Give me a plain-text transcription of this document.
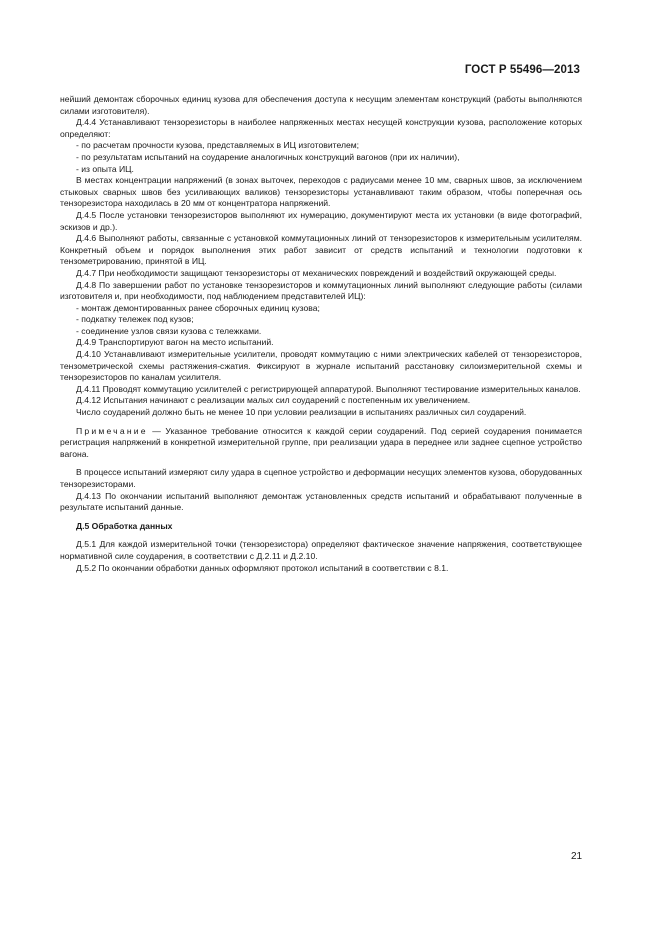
ГОСТ Р 55496—2013

нейший демонтаж сборочных единиц кузова для обеспечения доступа к несущим элементам конструкций (работы выполняются силами изготовителя).

Д.4.4 Устанавливают тензорезисторы в наиболее напряженных местах несущей конструкции кузова, расположение которых определяют:

- по расчетам прочности кузова, представляемых в ИЦ изготовителем;

- по результатам испытаний на соударение аналогичных конструкций вагонов (при их наличии),

- из опыта ИЦ.

В местах концентрации напряжений (в зонах выточек, переходов с радиусами менее 10 мм, сварных швов, за исключением стыковых сварных швов без усиливающих валиков) тензорезисторы устанавливают таким образом, чтобы поперечная ось тензорезистора находилась в 20 мм от концентратора напряжений.

Д.4.5 После установки тензорезисторов выполняют их нумерацию, документируют места их установки (в виде фотографий, эскизов и др.).

Д.4.6 Выполняют работы, связанные с установкой коммутационных линий от тензорезисторов к измерительным усилителям. Конкретный объем и порядок выполнения этих работ зависит от средств испытаний и технологии подготовки к тензометрированию, принятой в ИЦ.

Д.4.7 При необходимости защищают тензорезисторы от механических повреждений и воздействий окружающей среды.

Д.4.8 По завершении работ по установке тензорезисторов и коммутационных линий выполняют следующие работы (силами изготовителя и, при необходимости, под наблюдением представителей ИЦ):

- монтаж демонтированных ранее сборочных единиц кузова;

- подкатку тележек под кузов;

- соединение узлов связи кузова с тележками.

Д.4.9 Транспортируют вагон на место испытаний.

Д.4.10 Устанавливают измерительные усилители, проводят коммутацию с ними электрических кабелей от тензорезисторов, тензометрической схемы растяжения-сжатия. Фиксируют в журнале испытаний расстановку силоизмерительной схемы и тензорезисторов по каналам усилителя.

Д.4.11 Проводят коммутацию усилителей с регистрирующей аппаратурой. Выполняют тестирование измерительных каналов.

Д.4.12 Испытания начинают с реализации малых сил соударений с постепенным их увеличением.

Число соударений должно быть не менее 10 при условии реализации в испытаниях различных сил соударений.

Примечание — Указанное требование относится к каждой серии соударений. Под серией соударения понимается регистрация напряжений в конкретной измерительной группе, при реализации удара в переднее или заднее сцепное устройство вагона.

В процессе испытаний измеряют силу удара в сцепное устройство и деформации несущих элементов кузова, оборудованных тензорезисторами.

Д.4.13 По окончании испытаний выполняют демонтаж установленных средств испытаний и обрабатывают полученные в результате испытаний данные.

Д.5 Обработка данных

Д.5.1 Для каждой измерительной точки (тензорезистора) определяют фактическое значение напряжения, соответствующее нормативной силе соударения, в соответствии с Д.2.11 и Д.2.10.

Д.5.2 По окончании обработки данных оформляют протокол испытаний в соответствии с 8.1.

21
